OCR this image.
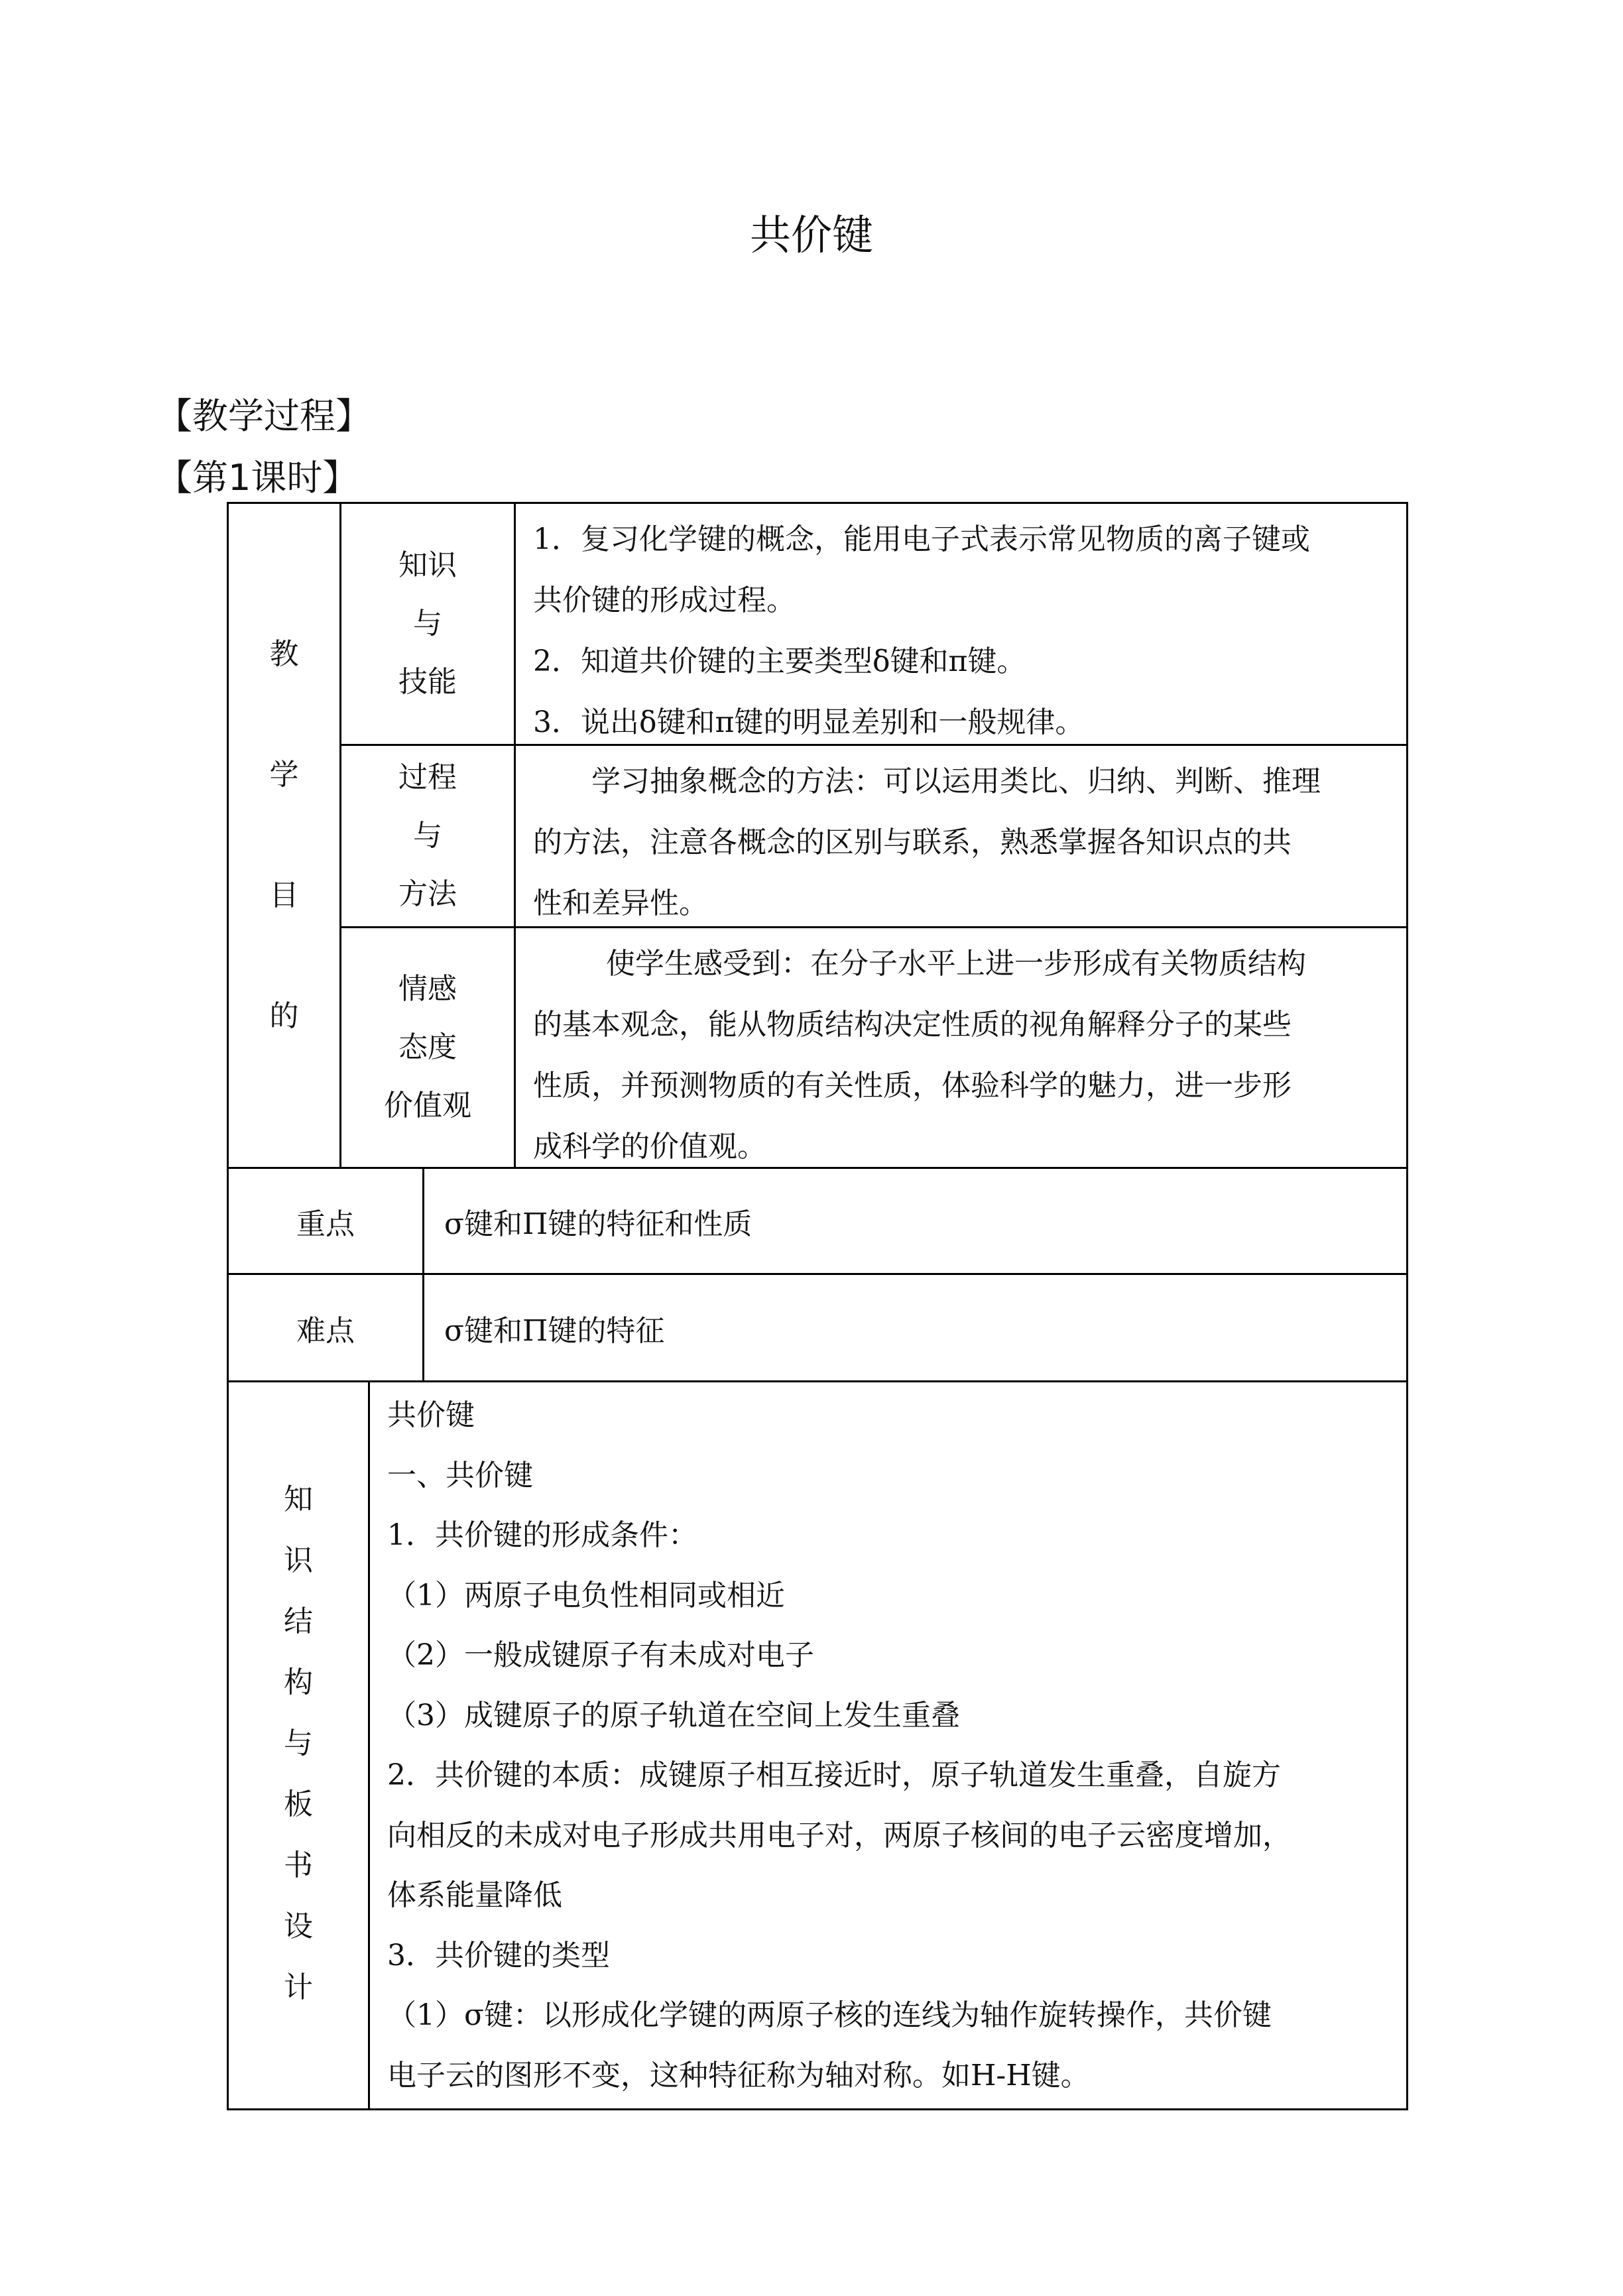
共价键
【教学过程】
【第1课时】
教
学
目
的
知识
与
技能

1．复习化学键的概念，能用电子式表示常见物质的离子键或

共价键的形成过程。

2．知道共价键的主要类型δ键和π键。

3．说出δ键和π键的明显差别和一般规律。

过程
与
方法

学习抽象概念的方法：可以运用类比、归纳、判断、推理

的方法，注意各概念的区别与联系，熟悉掌握各知识点的共

性和差异性。

情感
态度
价值观

使学生感受到：在分子水平上进一步形成有关物质结构

的基本观念，能从物质结构决定性质的视角解释分子的某些

性质，并预测物质的有关性质，体验科学的魅力，进一步形

成科学的价值观。

重点	σ键和Π键的特征和性质
难点	σ键和Π键的特征
知
识
结
构
与
板
书
设
计

共价键

一、共价键

1．共价键的形成条件：

（1）两原子电负性相同或相近

（2）一般成键原子有未成对电子

（3）成键原子的原子轨道在空间上发生重叠

2．共价键的本质：成键原子相互接近时，原子轨道发生重叠，自旋方

向相反的未成对电子形成共用电子对，两原子核间的电子云密度增加，

体系能量降低

3．共价键的类型

（1）σ键：以形成化学键的两原子核的连线为轴作旋转操作，共价键

电子云的图形不变，这种特征称为轴对称。如H-H键。
